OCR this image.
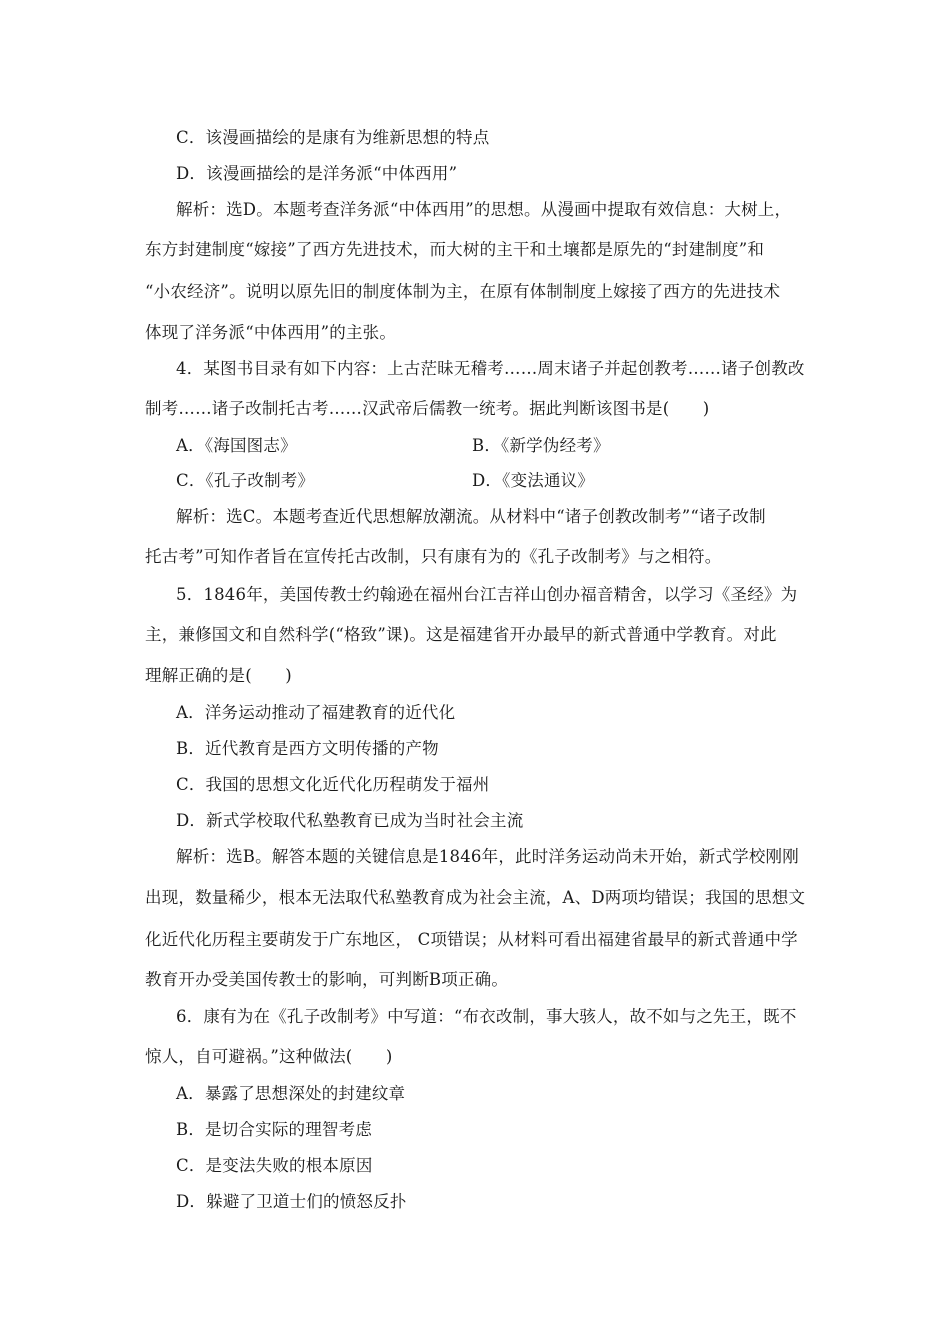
C．该漫画描绘的是康有为维新思想的特点
D．该漫画描绘的是洋务派“中体西用”
解析：选D。本题考查洋务派“中体西用”的思想。从漫画中提取有效信息：大树上，
东方封建制度“嫁接”了西方先进技术，而大树的主干和土壤都是原先的“封建制度”和
“小农经济”。说明以原先旧的制度体制为主，在原有体制制度上嫁接了西方的先进技术
体现了洋务派“中体西用”的主张。
4．某图书目录有如下内容：上古茫昧无稽考……周末诸子并起创教考……诸子创教改
制考……诸子改制托古考……汉武帝后儒教一统考。据此判断该图书是(　　)
A．《海国图志》	B．《新学伪经考》
C．《孔子改制考》	D．《变法通议》
解析：选C。本题考查近代思想解放潮流。从材料中“诸子创教改制考”“诸子改制
托古考”可知作者旨在宣传托古改制，只有康有为的《孔子改制考》与之相符。
5．1846年，美国传教士约翰逊在福州台江吉祥山创办福音精舍，以学习《圣经》为
主，兼修国文和自然科学(“格致”课)。这是福建省开办最早的新式普通中学教育。对此
理解正确的是(　　)
A．洋务运动推动了福建教育的近代化
B．近代教育是西方文明传播的产物
C．我国的思想文化近代化历程萌发于福州
D．新式学校取代私塾教育已成为当时社会主流
解析：选B。解答本题的关键信息是1846年，此时洋务运动尚未开始，新式学校刚刚
出现，数量稀少，根本无法取代私塾教育成为社会主流，A、D两项均错误；我国的思想文
化近代化历程主要萌发于广东地区， C项错误；从材料可看出福建省最早的新式普通中学
教育开办受美国传教士的影响，可判断B项正确。
6．康有为在《孔子改制考》中写道：“布衣改制，事大骇人，故不如与之先王，既不
惊人，自可避祸。”这种做法(　　)
A．暴露了思想深处的封建纹章
B．是切合实际的理智考虑
C．是变法失败的根本原因
D．躲避了卫道士们的愤怒反扑
